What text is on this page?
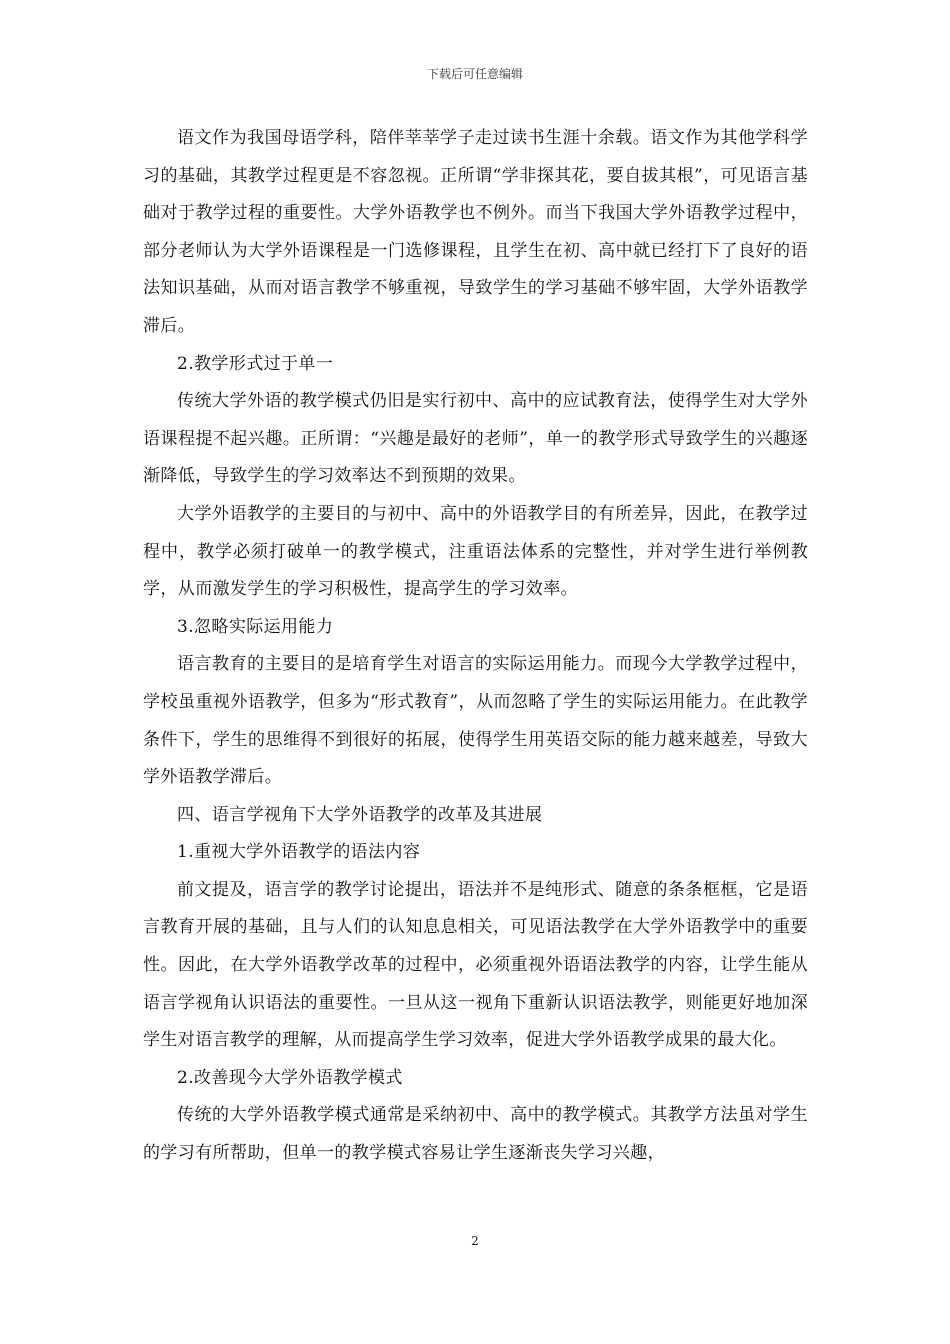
下载后可任意编辑

语文作为我国母语学科，陪伴莘莘学子走过读书生涯十余载。语文作为其他学科学习的基础，其教学过程更是不容忽视。正所谓“学非探其花，要自拔其根”，可见语言基础对于教学过程的重要性。大学外语教学也不例外。而当下我国大学外语教学过程中，部分老师认为大学外语课程是一门选修课程，且学生在初、高中就已经打下了良好的语法知识基础，从而对语言教学不够重视，导致学生的学习基础不够牢固，大学外语教学滞后。

2.教学形式过于单一

传统大学外语的教学模式仍旧是实行初中、高中的应试教育法，使得学生对大学外语课程提不起兴趣。正所谓：“兴趣是最好的老师”，单一的教学形式导致学生的兴趣逐渐降低，导致学生的学习效率达不到预期的效果。

大学外语教学的主要目的与初中、高中的外语教学目的有所差异，因此，在教学过程中，教学必须打破单一的教学模式，注重语法体系的完整性，并对学生进行举例教学，从而激发学生的学习积极性，提高学生的学习效率。

3.忽略实际运用能力

语言教育的主要目的是培育学生对语言的实际运用能力。而现今大学教学过程中，学校虽重视外语教学，但多为“形式教育”，从而忽略了学生的实际运用能力。在此教学条件下，学生的思维得不到很好的拓展，使得学生用英语交际的能力越来越差，导致大学外语教学滞后。

四、语言学视角下大学外语教学的改革及其进展

1.重视大学外语教学的语法内容

前文提及，语言学的教学讨论提出，语法并不是纯形式、随意的条条框框，它是语言教育开展的基础，且与人们的认知息息相关，可见语法教学在大学外语教学中的重要性。因此，在大学外语教学改革的过程中，必须重视外语语法教学的内容，让学生能从语言学视角认识语法的重要性。一旦从这一视角下重新认识语法教学，则能更好地加深学生对语言教学的理解，从而提高学生学习效率，促进大学外语教学成果的最大化。

2.改善现今大学外语教学模式

传统的大学外语教学模式通常是采纳初中、高中的教学模式。其教学方法虽对学生的学习有所帮助，但单一的教学模式容易让学生逐渐丧失学习兴趣，

2
